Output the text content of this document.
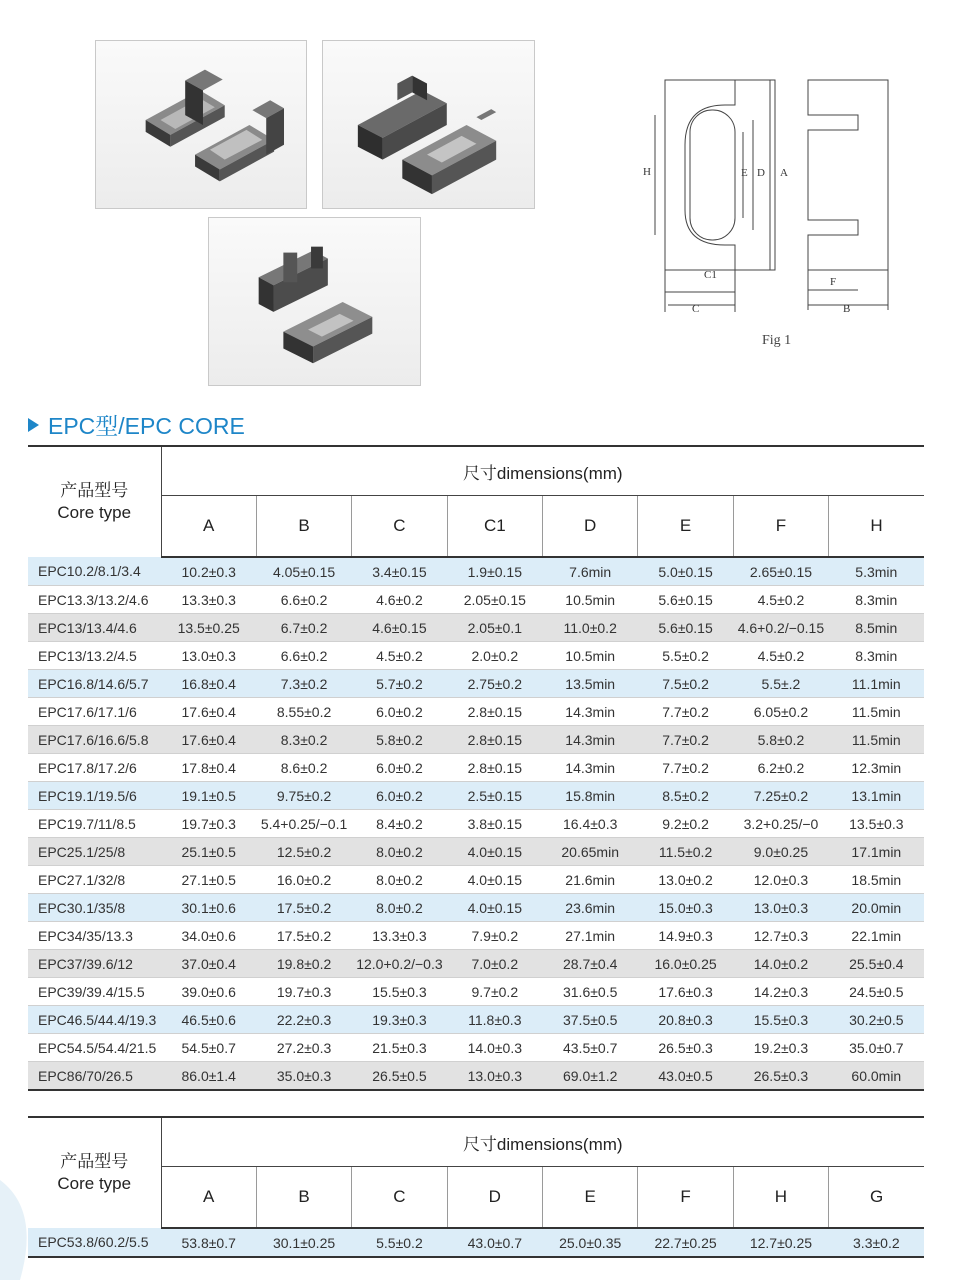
H	E D A
C1
C
F
B
Fig 1
EPC型/EPC CORE
产品型号
Core type	尺寸dimensions(mm)							
	A	B	C	C1	D	E	F	H
EPC10.2/8.1/3.4	10.2±0.3	4.05±0.15	3.4±0.15	1.9±0.15	7.6min	5.0±0.15	2.65±0.15	5.3min
EPC13.3/13.2/4.6	13.3±0.3	6.6±0.2	4.6±0.2	2.05±0.15	10.5min	5.6±0.15	4.5±0.2	8.3min
EPC13/13.4/4.6	13.5±0.25	6.7±0.2	4.6±0.15	2.05±0.1	11.0±0.2	5.6±0.15	4.6+0.2/−0.15	8.5min
EPC13/13.2/4.5	13.0±0.3	6.6±0.2	4.5±0.2	2.0±0.2	10.5min	5.5±0.2	4.5±0.2	8.3min
EPC16.8/14.6/5.7	16.8±0.4	7.3±0.2	5.7±0.2	2.75±0.2	13.5min	7.5±0.2	5.5±.2	11.1min
EPC17.6/17.1/6	17.6±0.4	8.55±0.2	6.0±0.2	2.8±0.15	14.3min	7.7±0.2	6.05±0.2	11.5min
EPC17.6/16.6/5.8	17.6±0.4	8.3±0.2	5.8±0.2	2.8±0.15	14.3min	7.7±0.2	5.8±0.2	11.5min
EPC17.8/17.2/6	17.8±0.4	8.6±0.2	6.0±0.2	2.8±0.15	14.3min	7.7±0.2	6.2±0.2	12.3min
EPC19.1/19.5/6	19.1±0.5	9.75±0.2	6.0±0.2	2.5±0.15	15.8min	8.5±0.2	7.25±0.2	13.1min
EPC19.7/11/8.5	19.7±0.3	5.4+0.25/−0.1	8.4±0.2	3.8±0.15	16.4±0.3	9.2±0.2	3.2+0.25/−0	13.5±0.3
EPC25.1/25/8	25.1±0.5	12.5±0.2	8.0±0.2	4.0±0.15	20.65min	11.5±0.2	9.0±0.25	17.1min
EPC27.1/32/8	27.1±0.5	16.0±0.2	8.0±0.2	4.0±0.15	21.6min	13.0±0.2	12.0±0.3	18.5min
EPC30.1/35/8	30.1±0.6	17.5±0.2	8.0±0.2	4.0±0.15	23.6min	15.0±0.3	13.0±0.3	20.0min
EPC34/35/13.3	34.0±0.6	17.5±0.2	13.3±0.3	7.9±0.2	27.1min	14.9±0.3	12.7±0.3	22.1min
EPC37/39.6/12	37.0±0.4	19.8±0.2	12.0+0.2/−0.3	7.0±0.2	28.7±0.4	16.0±0.25	14.0±0.2	25.5±0.4
EPC39/39.4/15.5	39.0±0.6	19.7±0.3	15.5±0.3	9.7±0.2	31.6±0.5	17.6±0.3	14.2±0.3	24.5±0.5
EPC46.5/44.4/19.3	46.5±0.6	22.2±0.3	19.3±0.3	11.8±0.3	37.5±0.5	20.8±0.3	15.5±0.3	30.2±0.5
EPC54.5/54.4/21.5	54.5±0.7	27.2±0.3	21.5±0.3	14.0±0.3	43.5±0.7	26.5±0.3	19.2±0.3	35.0±0.7
EPC86/70/26.5	86.0±1.4	35.0±0.3	26.5±0.5	13.0±0.3	69.0±1.2	43.0±0.5	26.5±0.3	60.0min
产品型号
Core type	尺寸dimensions(mm)							
	A	B	C	D	E	F	H	G
EPC53.8/60.2/5.5	53.8±0.7	30.1±0.25	5.5±0.2	43.0±0.7	25.0±0.35	22.7±0.25	12.7±0.25	3.3±0.2
